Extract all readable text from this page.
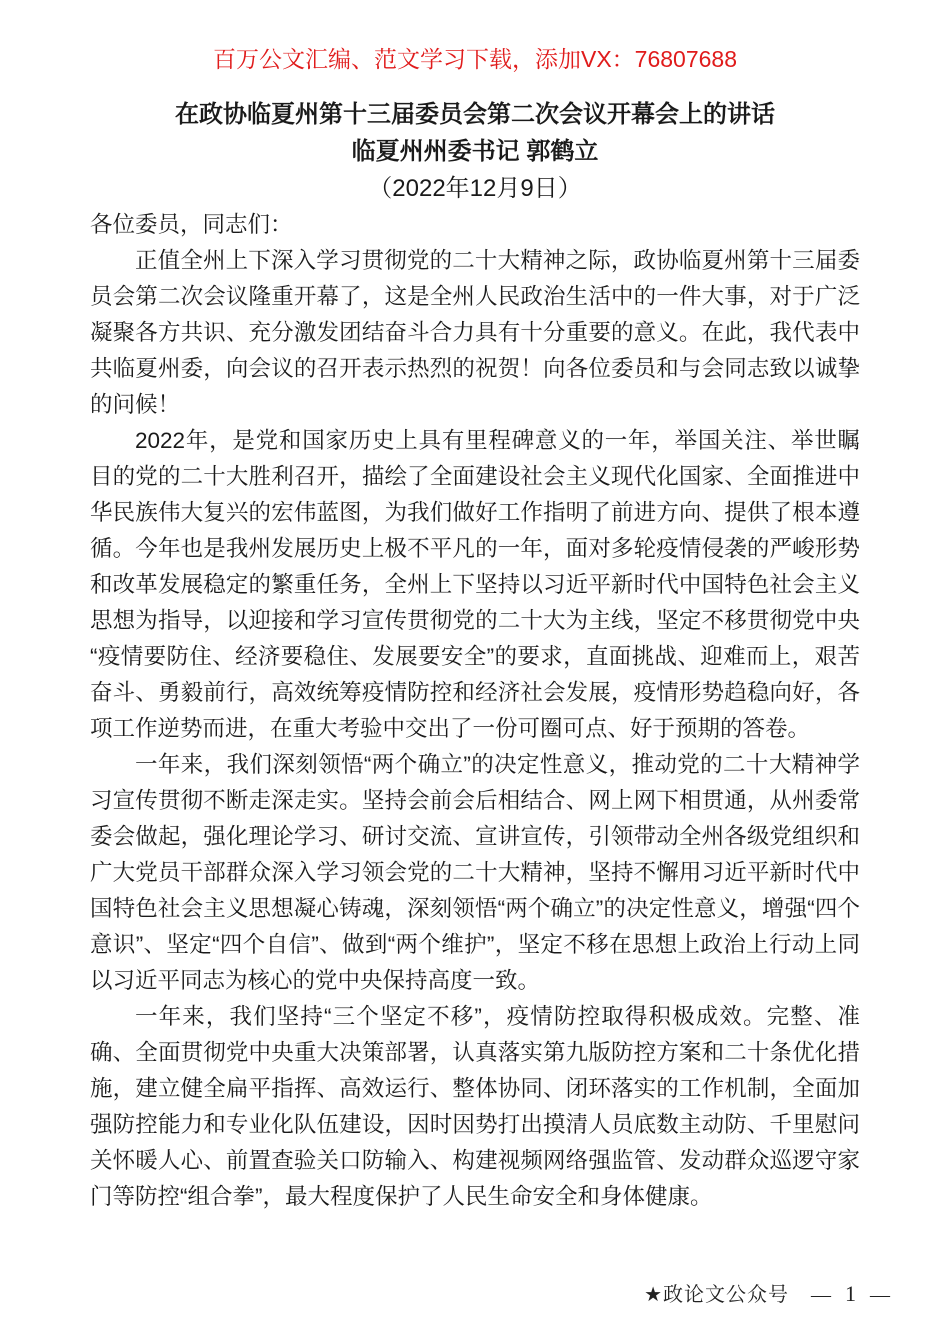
百万公文汇编、范文学习下载，添加VX：76807688

在政协临夏州第十三届委员会第二次会议开幕会上的讲话

临夏州州委书记 郭鹤立

（2022年12月9日）

各位委员，同志们：

正值全州上下深入学习贯彻党的二十大精神之际，政协临夏州第十三届委员会第二次会议隆重开幕了，这是全州人民政治生活中的一件大事，对于广泛凝聚各方共识、充分激发团结奋斗合力具有十分重要的意义。在此，我代表中共临夏州委，向会议的召开表示热烈的祝贺！向各位委员和与会同志致以诚挚的问候！

2022年，是党和国家历史上具有里程碑意义的一年，举国关注、举世瞩目的党的二十大胜利召开，描绘了全面建设社会主义现代化国家、全面推进中华民族伟大复兴的宏伟蓝图，为我们做好工作指明了前进方向、提供了根本遵循。今年也是我州发展历史上极不平凡的一年，面对多轮疫情侵袭的严峻形势和改革发展稳定的繁重任务，全州上下坚持以习近平新时代中国特色社会主义思想为指导，以迎接和学习宣传贯彻党的二十大为主线，坚定不移贯彻党中央“疫情要防住、经济要稳住、发展要安全”的要求，直面挑战、迎难而上，艰苦奋斗、勇毅前行，高效统筹疫情防控和经济社会发展，疫情形势趋稳向好，各项工作逆势而进，在重大考验中交出了一份可圈可点、好于预期的答卷。

一年来，我们深刻领悟“两个确立”的决定性意义，推动党的二十大精神学习宣传贯彻不断走深走实。坚持会前会后相结合、网上网下相贯通，从州委常委会做起，强化理论学习、研讨交流、宣讲宣传，引领带动全州各级党组织和广大党员干部群众深入学习领会党的二十大精神，坚持不懈用习近平新时代中国特色社会主义思想凝心铸魂，深刻领悟“两个确立”的决定性意义，增强“四个意识”、坚定“四个自信”、做到“两个维护”，坚定不移在思想上政治上行动上同以习近平同志为核心的党中央保持高度一致。

一年来，我们坚持“三个坚定不移”，疫情防控取得积极成效。完整、准确、全面贯彻党中央重大决策部署，认真落实第九版防控方案和二十条优化措施，建立健全扁平指挥、高效运行、整体协同、闭环落实的工作机制，全面加强防控能力和专业化队伍建设，因时因势打出摸清人员底数主动防、千里慰问关怀暖人心、前置查验关口防输入、构建视频网络强监管、发动群众巡逻守家门等防控“组合拳”，最大程度保护了人民生命安全和身体健康。

★政论文公众号 — 1 —
